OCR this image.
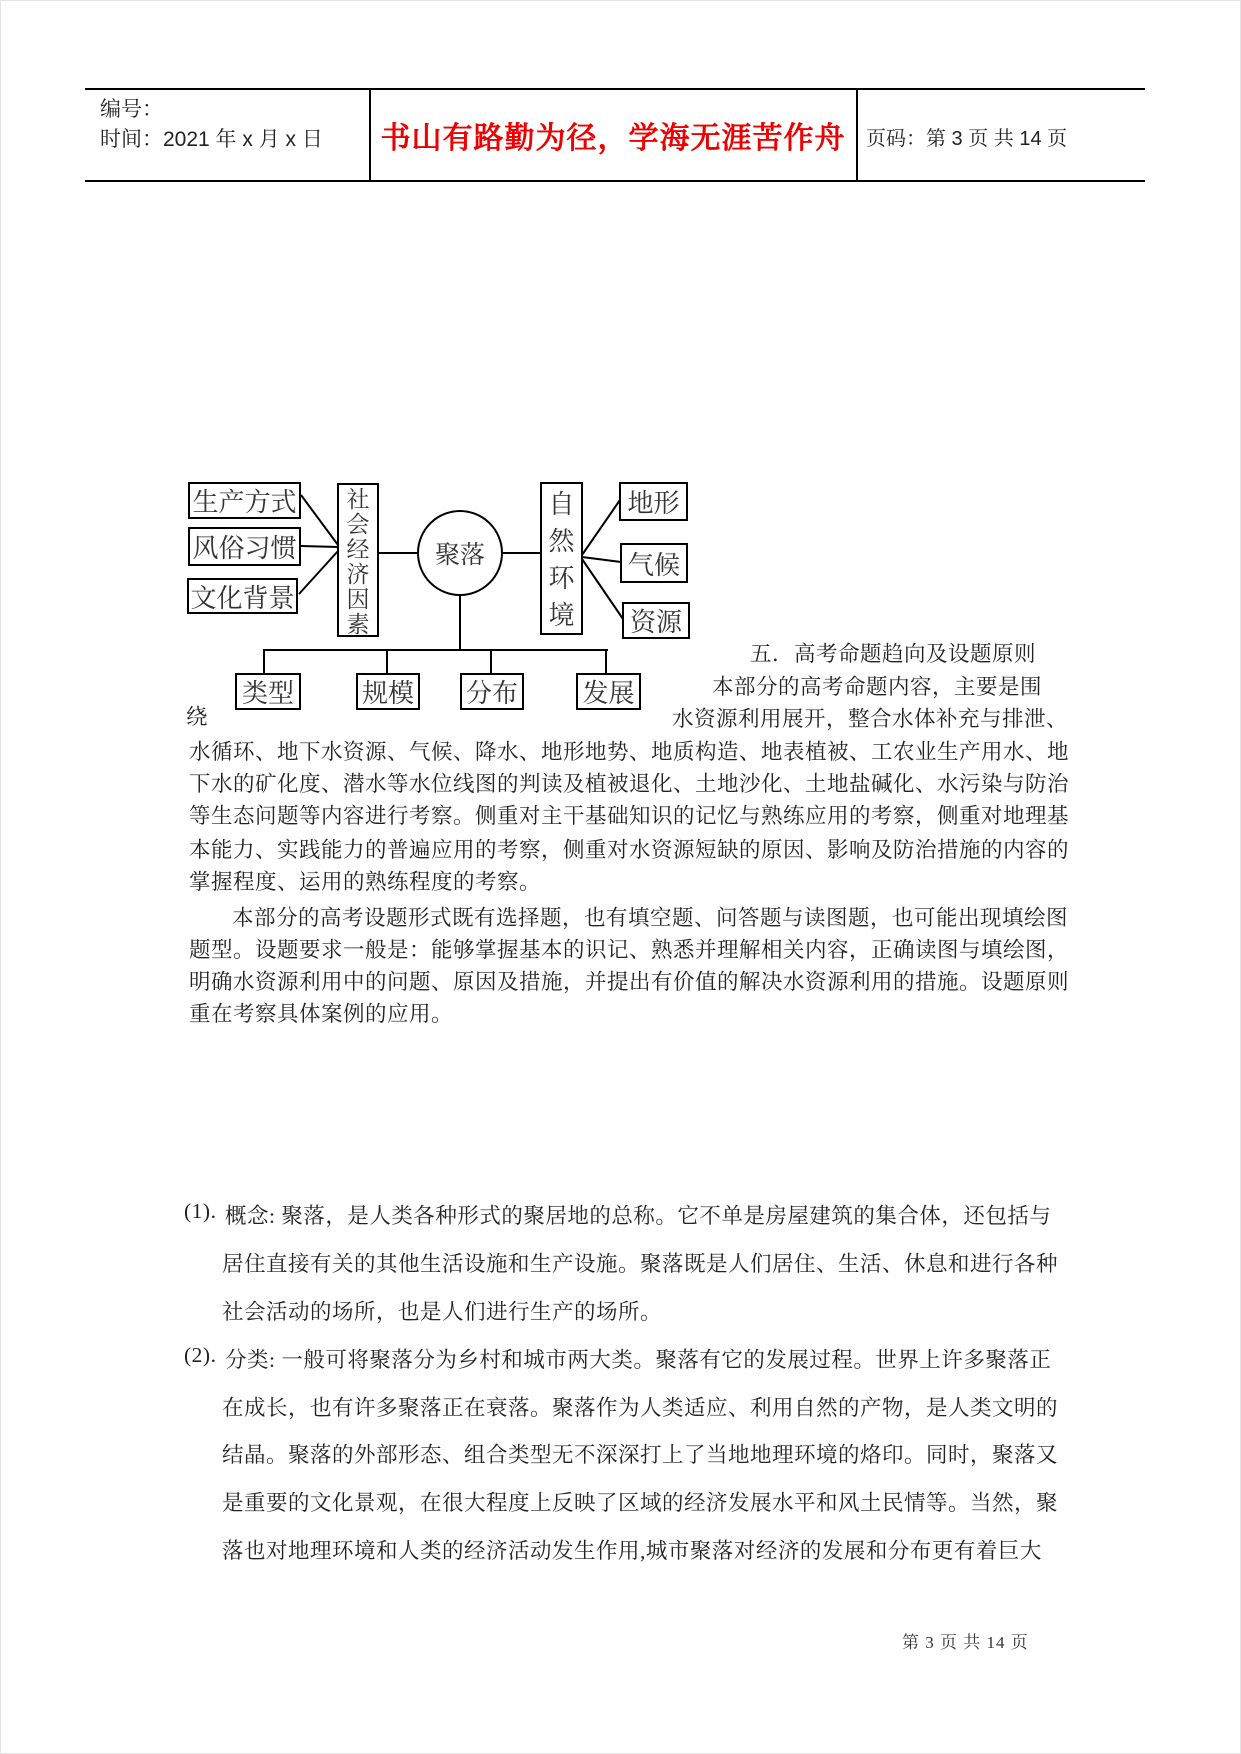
编号：
时间：2021 年 x 月 x 日 书山有路勤为径，学海无涯苦作舟 页码：第 3 页 共 14 页
生产方式
风俗习惯
文化背景
社会经济因素
聚落
自然环境
地形
气候
资源
类型	规模 分布 发展
五．高考命题趋向及设题原则
本部分的高考命题内容，主要是围
绕	水资源利用展开，整合水体补充与排泄、
水循环、地下水资源、气候、降水、地形地势、地质构造、地表植被、工农业生产用水、地
下水的矿化度、潜水等水位线图的判读及植被退化、土地沙化、土地盐碱化、水污染与防治
等生态问题等内容进行考察。侧重对主干基础知识的记忆与熟练应用的考察，侧重对地理基
本能力、实践能力的普遍应用的考察，侧重对水资源短缺的原因、影响及防治措施的内容的
掌握程度、运用的熟练程度的考察。
本部分的高考设题形式既有选择题，也有填空题、问答题与读图题，也可能出现填绘图
题型。设题要求一般是：能够掌握基本的识记、熟悉并理解相关内容，正确读图与填绘图，
明确水资源利用中的问题、原因及措施，并提出有价值的解决水资源利用的措施。设题原则
重在考察具体案例的应用。
(1). 概念: 聚落，是人类各种形式的聚居地的总称。它不单是房屋建筑的集合体，还包括与
居住直接有关的其他生活设施和生产设施。聚落既是人们居住、生活、休息和进行各种
社会活动的场所，也是人们进行生产的场所。
(2). 分类: 一般可将聚落分为乡村和城市两大类。聚落有它的发展过程。世界上许多聚落正
在成长，也有许多聚落正在衰落。聚落作为人类适应、利用自然的产物，是人类文明的
结晶。聚落的外部形态、组合类型无不深深打上了当地地理环境的烙印。同时，聚落又
是重要的文化景观，在很大程度上反映了区域的经济发展水平和风土民情等。当然，聚
落也对地理环境和人类的经济活动发生作用,城市聚落对经济的发展和分布更有着巨大
第 3 页 共 14 页
